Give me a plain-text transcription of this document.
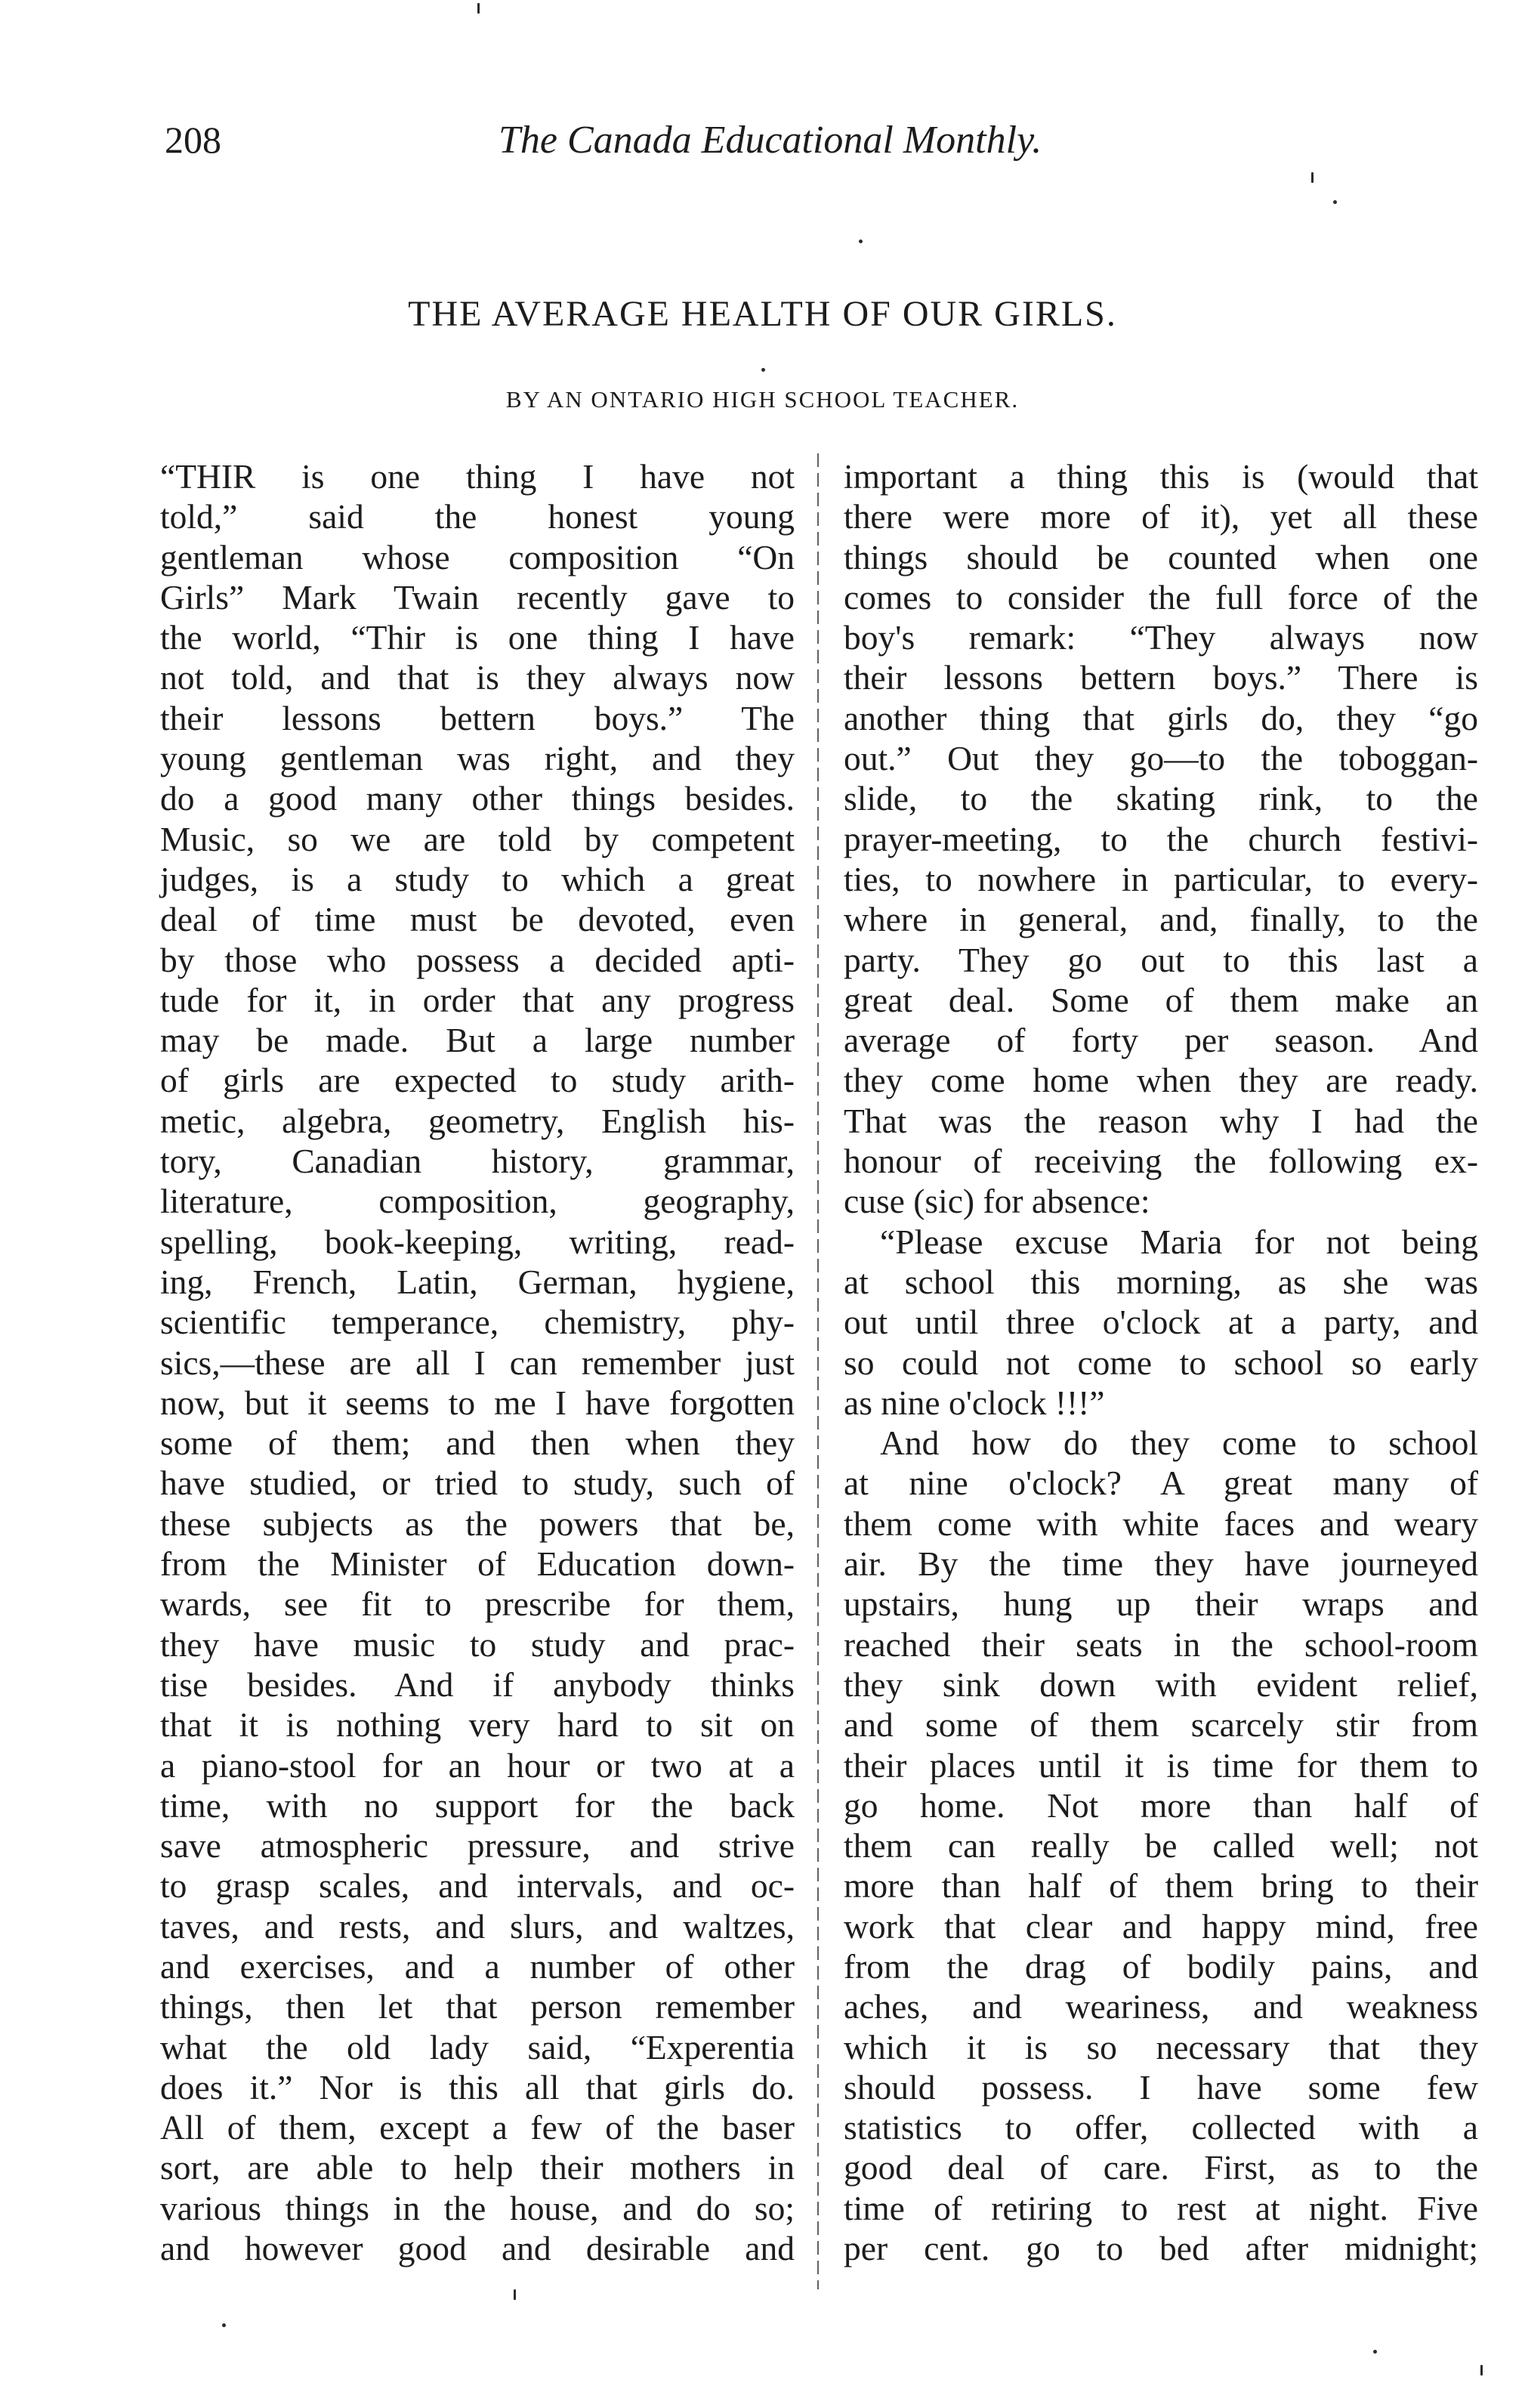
208	The Canada Educational Monthly.
THE AVERAGE HEALTH OF OUR GIRLS.
BY AN ONTARIO HIGH SCHOOL TEACHER.
“THIR is one thing I have not
told,” said the honest young
gentleman whose composition “On
Girls” Mark Twain recently gave to
the world, “Thir is one thing I have
not told, and that is they always now
their lessons bettern boys.” The
young gentleman was right, and they
do a good many other things besides.
Music, so we are told by competent
judges, is a study to which a great
deal of time must be devoted, even
by those who possess a decided apti-
tude for it, in order that any progress
may be made. But a large number
of girls are expected to study arith-
metic, algebra, geometry, English his-
tory, Canadian history, grammar,
literature, composition, geography,
spelling, book-keeping, writing, read-
ing, French, Latin, German, hygiene,
scientific temperance, chemistry, phy-
sics,—these are all I can remember just
now, but it seems to me I have forgotten
some of them; and then when they
have studied, or tried to study, such of
these subjects as the powers that be,
from the Minister of Education down-
wards, see fit to prescribe for them,
they have music to study and prac-
tise besides. And if anybody thinks
that it is nothing very hard to sit on
a piano-stool for an hour or two at a
time, with no support for the back
save atmospheric pressure, and strive
to grasp scales, and intervals, and oc-
taves, and rests, and slurs, and waltzes,
and exercises, and a number of other
things, then let that person remember
what the old lady said, “Experentia
does it.” Nor is this all that girls do.
All of them, except a few of the baser
sort, are able to help their mothers in
various things in the house, and do so;
and however good and desirable and
important a thing this is (would that
there were more of it), yet all these
things should be counted when one
comes to consider the full force of the
boy's remark: “They always now
their lessons bettern boys.” There is
another thing that girls do, they “go
out.” Out they go—to the toboggan-
slide, to the skating rink, to the
prayer-meeting, to the church festivi-
ties, to nowhere in particular, to every-
where in general, and, finally, to the
party. They go out to this last a
great deal. Some of them make an
average of forty per season. And
they come home when they are ready.
That was the reason why I had the
honour of receiving the following ex-
cuse (sic) for absence:
“Please excuse Maria for not being
at school this morning, as she was
out until three o'clock at a party, and
so could not come to school so early
as nine o'clock !!!”
And how do they come to school
at nine o'clock? A great many of
them come with white faces and weary
air. By the time they have journeyed
upstairs, hung up their wraps and
reached their seats in the school-room
they sink down with evident relief,
and some of them scarcely stir from
their places until it is time for them to
go home. Not more than half of
them can really be called well; not
more than half of them bring to their
work that clear and happy mind, free
from the drag of bodily pains, and
aches, and weariness, and weakness
which it is so necessary that they
should possess. I have some few
statistics to offer, collected with a
good deal of care. First, as to the
time of retiring to rest at night. Five
per cent. go to bed after midnight;
